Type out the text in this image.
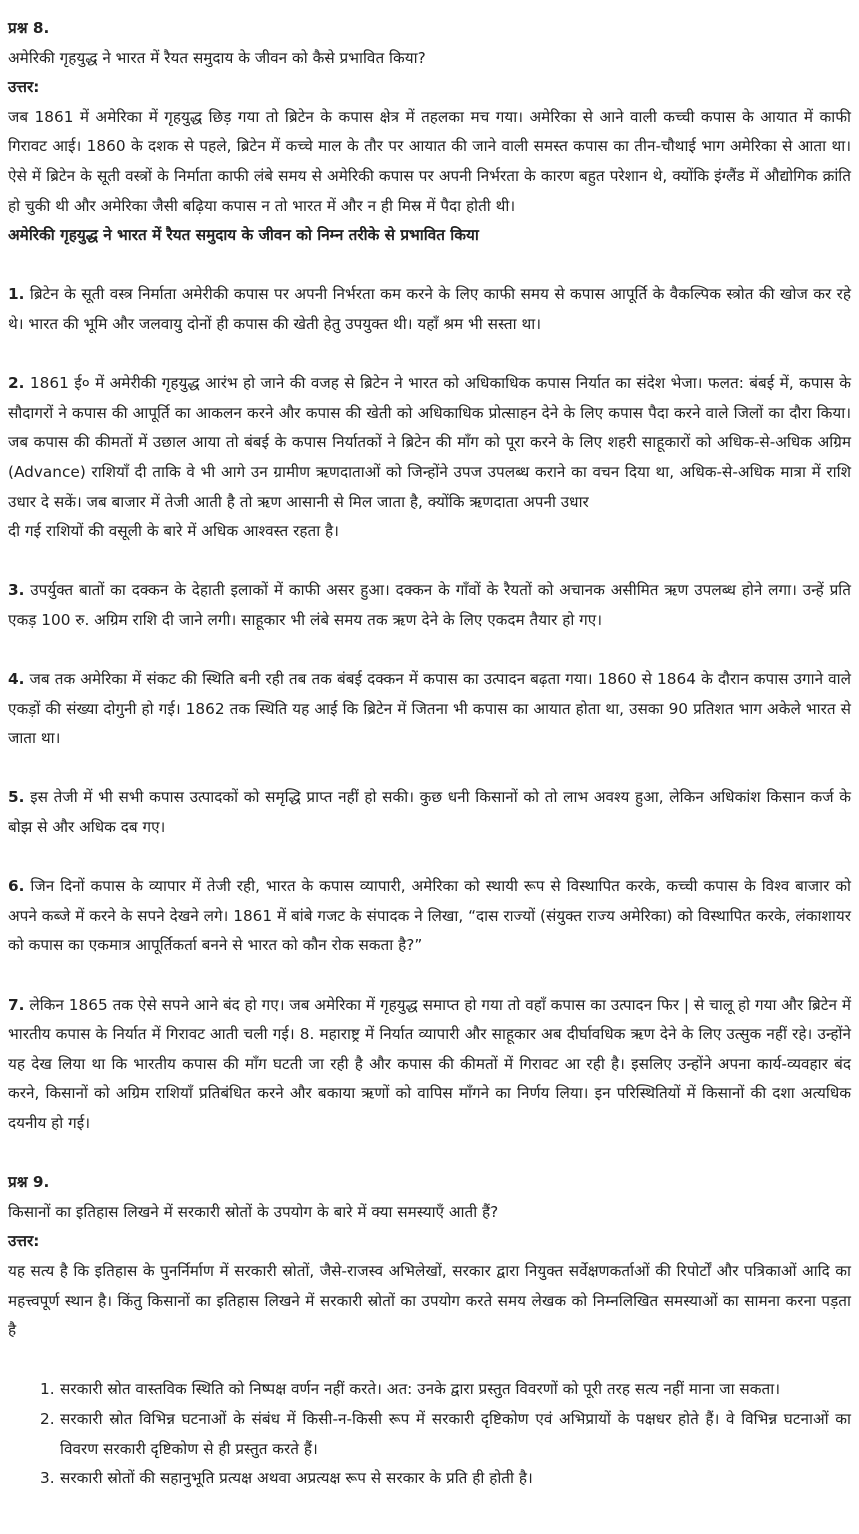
प्रश्न 8.

अमेरिकी गृहयुद्ध ने भारत में रैयत समुदाय के जीवन को कैसे प्रभावित किया?

उत्तर:

जब 1861 में अमेरिका में गृहयुद्ध छिड़ गया तो ब्रिटेन के कपास क्षेत्र में तहलका मच गया। अमेरिका से आने वाली कच्ची कपास के आयात में काफी गिरावट आई। 1860 के दशक से पहले, ब्रिटेन में कच्चे माल के तौर पर आयात की जाने वाली समस्त कपास का तीन-चौथाई भाग अमेरिका से आता था। ऐसे में ब्रिटेन के सूती वस्त्रों के निर्माता काफी लंबे समय से अमेरिकी कपास पर अपनी निर्भरता के कारण बहुत परेशान थे, क्योंकि इंग्लैंड में औद्योगिक क्रांति हो चुकी थी और अमेरिका जैसी बढ़िया कपास न तो भारत में और न ही मिस्र में पैदा होती थी।

अमेरिकी गृहयुद्ध ने भारत में रैयत समुदाय के जीवन को निम्न तरीके से प्रभावित किया

1. ब्रिटेन के सूती वस्त्र निर्माता अमेरीकी कपास पर अपनी निर्भरता कम करने के लिए काफी समय से कपास आपूर्ति के वैकल्पिक स्त्रोत की खोज कर रहे थे। भारत की भूमि और जलवायु दोनों ही कपास की खेती हेतु उपयुक्त थी। यहाँ श्रम भी सस्ता था।

2. 1861 ई० में अमेरीकी गृहयुद्ध आरंभ हो जाने की वजह से ब्रिटेन ने भारत को अधिकाधिक कपास निर्यात का संदेश भेजा। फलत: बंबई में, कपास के सौदागरों ने कपास की आपूर्ति का आकलन करने और कपास की खेती को अधिकाधिक प्रोत्साहन देने के लिए कपास पैदा करने वाले जिलों का दौरा किया। जब कपास की कीमतों में उछाल आया तो बंबई के कपास निर्यातकों ने ब्रिटेन की माँग को पूरा करने के लिए शहरी साहूकारों को अधिक-से-अधिक अग्रिम (Advance) राशियाँ दी ताकि वे भी आगे उन ग्रामीण ऋणदाताओं को जिन्होंने उपज उपलब्ध कराने का वचन दिया था, अधिक-से-अधिक मात्रा में राशि उधार दे सकें। जब बाजार में तेजी आती है तो ऋण आसानी से मिल जाता है, क्योंकि ऋणदाता अपनी उधार

दी गई राशियों की वसूली के बारे में अधिक आश्वस्त रहता है।

3. उपर्युक्त बातों का दक्कन के देहाती इलाकों में काफी असर हुआ। दक्कन के गाँवों के रैयतों को अचानक असीमित ऋण उपलब्ध होने लगा। उन्हें प्रति एकड़ 100 रु. अग्रिम राशि दी जाने लगी। साहूकार भी लंबे समय तक ऋण देने के लिए एकदम तैयार हो गए।

4. जब तक अमेरिका में संकट की स्थिति बनी रही तब तक बंबई दक्कन में कपास का उत्पादन बढ़ता गया। 1860 से 1864 के दौरान कपास उगाने वाले एकड़ों की संख्या दोगुनी हो गई। 1862 तक स्थिति यह आई कि ब्रिटेन में जितना भी कपास का आयात होता था, उसका 90 प्रतिशत भाग अकेले भारत से जाता था।

5. इस तेजी में भी सभी कपास उत्पादकों को समृद्धि प्राप्त नहीं हो सकी। कुछ धनी किसानों को तो लाभ अवश्य हुआ, लेकिन अधिकांश किसान कर्ज के बोझ से और अधिक दब गए।

6. जिन दिनों कपास के व्यापार में तेजी रही, भारत के कपास व्यापारी, अमेरिका को स्थायी रूप से विस्थापित करके, कच्ची कपास के विश्व बाजार को अपने कब्जे में करने के सपने देखने लगे। 1861 में बांबे गजट के संपादक ने लिखा, “दास राज्यों (संयुक्त राज्य अमेरिका) को विस्थापित करके, लंकाशायर को कपास का एकमात्र आपूर्तिकर्ता बनने से भारत को कौन रोक सकता है?”

7. लेकिन 1865 तक ऐसे सपने आने बंद हो गए। जब अमेरिका में गृहयुद्ध समाप्त हो गया तो वहाँ कपास का उत्पादन फिर | से चालू हो गया और ब्रिटेन में भारतीय कपास के निर्यात में गिरावट आती चली गई। 8. महाराष्ट्र में निर्यात व्यापारी और साहूकार अब दीर्घावधिक ऋण देने के लिए उत्सुक नहीं रहे। उन्होंने यह देख लिया था कि भारतीय कपास की माँग घटती जा रही है और कपास की कीमतों में गिरावट आ रही है। इसलिए उन्होंने अपना कार्य-व्यवहार बंद करने, किसानों को अग्रिम राशियाँ प्रतिबंधित करने और बकाया ऋणों को वापिस माँगने का निर्णय लिया। इन परिस्थितियों में किसानों की दशा अत्यधिक दयनीय हो गई।

प्रश्न 9.

किसानों का इतिहास लिखने में सरकारी स्रोतों के उपयोग के बारे में क्या समस्याएँ आती हैं?

उत्तर:

यह सत्य है कि इतिहास के पुनर्निर्माण में सरकारी स्रोतों, जैसे-राजस्व अभिलेखों, सरकार द्वारा नियुक्त सर्वेक्षणकर्ताओं की रिपोर्टों और पत्रिकाओं आदि का महत्त्वपूर्ण स्थान है। किंतु किसानों का इतिहास लिखने में सरकारी स्रोतों का उपयोग करते समय लेखक को निम्नलिखित समस्याओं का सामना करना पड़ता है

1. सरकारी स्रोत वास्तविक स्थिति को निष्पक्ष वर्णन नहीं करते। अत: उनके द्वारा प्रस्तुत विवरणों को पूरी तरह सत्य नहीं माना जा सकता।
2. सरकारी स्रोत विभिन्न घटनाओं के संबंध में किसी-न-किसी रूप में सरकारी दृष्टिकोण एवं अभिप्रायों के पक्षधर होते हैं। वे विभिन्न घटनाओं का विवरण सरकारी दृष्टिकोण से ही प्रस्तुत करते हैं।
3. सरकारी स्रोतों की सहानुभूति प्रत्यक्ष अथवा अप्रत्यक्ष रूप से सरकार के प्रति ही होती है।
